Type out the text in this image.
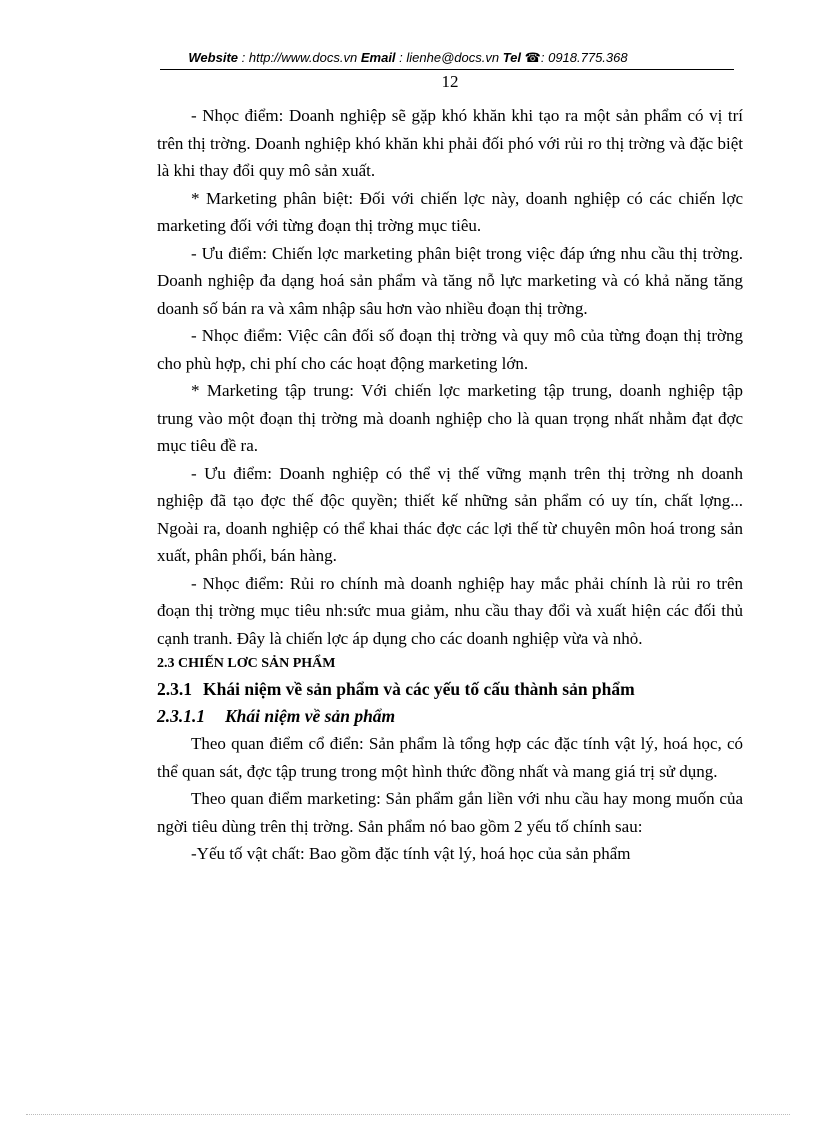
Website : http://www.docs.vn Email : lienhe@docs.vn Tel ☎: 0918.775.368
12

- Nhọc điểm: Doanh nghiệp sẽ gặp khó khăn khi tạo ra một sản phẩm có vị trí trên thị trờng. Doanh nghiệp khó khăn khi phải đối phó với rủi ro thị trờng và đặc biệt là khi thay đổi quy mô sản xuất.

* Marketing phân biệt: Đối với chiến lợc này, doanh nghiệp có các chiến lợc marketing đối với từng đoạn thị trờng mục tiêu.

- Ưu điểm: Chiến lợc marketing phân biệt trong việc đáp ứng nhu cầu thị trờng. Doanh nghiệp đa dạng hoá sản phẩm và tăng nỗ lực marketing và có khả năng tăng doanh số bán ra và xâm nhập sâu hơn vào nhiều đoạn thị trờng.

- Nhọc điểm: Việc cân đối số đoạn thị trờng và quy mô của từng đoạn thị trờng cho phù hợp, chi phí cho các hoạt động marketing lớn.

* Marketing tập trung: Với chiến lợc marketing tập trung, doanh nghiệp tập trung vào một đoạn thị trờng mà doanh nghiệp cho là quan trọng nhất nhằm đạt đợc mục tiêu đề ra.

- Ưu điểm: Doanh nghiệp có thể vị thế vững mạnh trên thị trờng nh doanh nghiệp đã tạo đợc thế độc quyền; thiết kế những sản phẩm có uy tín, chất lợng... Ngoài ra, doanh nghiệp có thể khai thác đợc các lợi thế từ chuyên môn hoá trong sản xuất, phân phối, bán hàng.

- Nhọc điểm: Rủi ro chính mà doanh nghiệp hay mắc phải chính là rủi ro trên đoạn thị trờng mục tiêu nh:sức mua giảm, nhu cầu thay đổi và xuất hiện các đối thủ cạnh tranh. Đây là chiến lợc áp dụng cho các doanh nghiệp vừa và nhỏ.

2.3 CHIẾN LƠC SẢN PHẨM
2.3.1 Khái niệm về sản phẩm và các yếu tố cấu thành sản phẩm
2.3.1.1 Khái niệm về sản phẩm

Theo quan điểm cổ điển: Sản phẩm là tổng hợp các đặc tính vật lý, hoá học, có thể quan sát, đợc tập trung trong một hình thức đồng nhất và mang giá trị sử dụng.

Theo quan điểm marketing: Sản phẩm gắn liền với nhu cầu hay mong muốn của ngời tiêu dùng trên thị trờng. Sản phẩm nó bao gồm 2 yếu tố chính sau:

-Yếu tố vật chất: Bao gồm đặc tính vật lý, hoá học của sản phẩm
